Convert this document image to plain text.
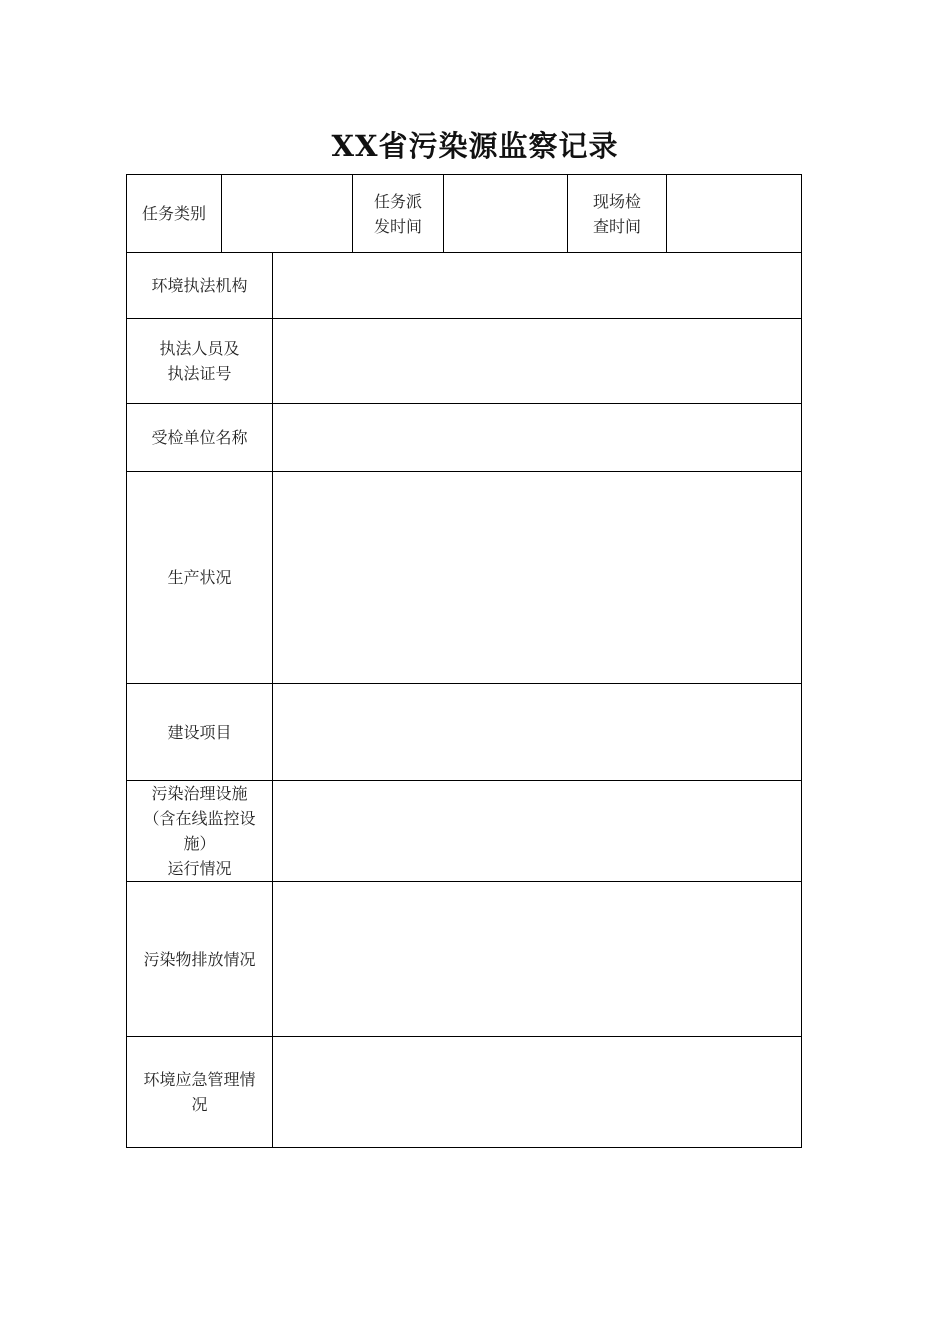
XX省污染源监察记录
任务类别
任务派
发时间
现场检
查时间
环境执法机构
执法人员及
执法证号
受检单位名称
生产状况
建设项目
污染治理设施
（含在线监控设
施）
运行情况
污染物排放情况
环境应急管理情
况
